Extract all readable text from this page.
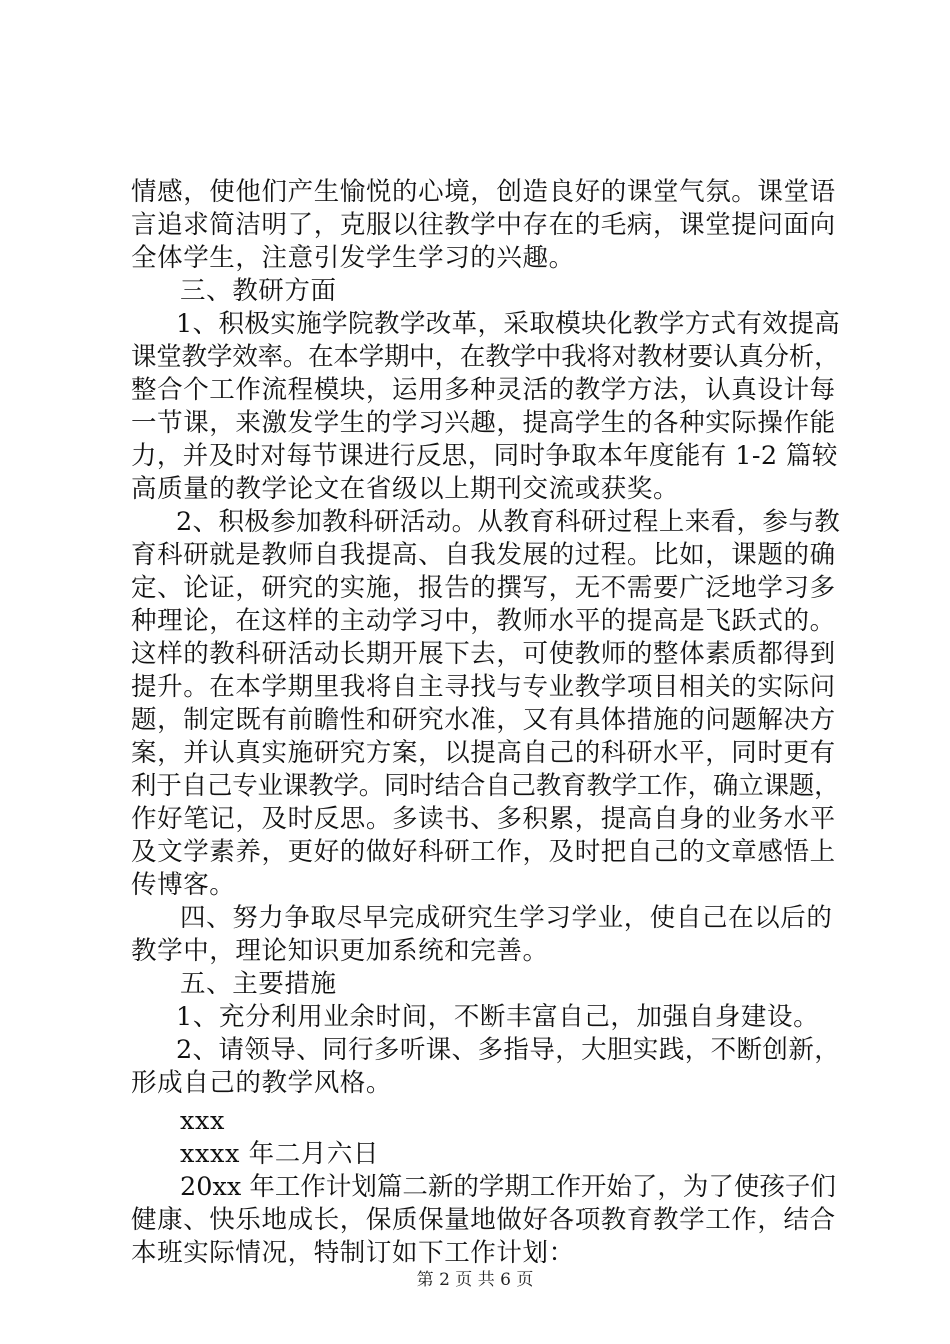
情感，使他们产生愉悦的心境，创造良好的课堂气氛。课堂语
言追求简洁明了，克服以往教学中存在的毛病，课堂提问面向
全体学生，注意引发学生学习的兴趣。
三、教研方面
1、积极实施学院教学改革，采取模块化教学方式有效提高
课堂教学效率。在本学期中，在教学中我将对教材要认真分析，
整合个工作流程模块，运用多种灵活的教学方法，认真设计每
一节课，来激发学生的学习兴趣，提高学生的各种实际操作能
力，并及时对每节课进行反思，同时争取本年度能有 1-2 篇较
高质量的教学论文在省级以上期刊交流或获奖。
2、积极参加教科研活动。从教育科研过程上来看，参与教
育科研就是教师自我提高、自我发展的过程。比如，课题的确
定、论证，研究的实施，报告的撰写，无不需要广泛地学习多
种理论，在这样的主动学习中，教师水平的提高是飞跃式的。
这样的教科研活动长期开展下去，可使教师的整体素质都得到
提升。在本学期里我将自主寻找与专业教学项目相关的实际问
题，制定既有前瞻性和研究水准，又有具体措施的问题解决方
案，并认真实施研究方案，以提高自己的科研水平，同时更有
利于自己专业课教学。同时结合自己教育教学工作，确立课题，
作好笔记，及时反思。多读书、多积累，提高自身的业务水平
及文学素养，更好的做好科研工作，及时把自己的文章感悟上
传博客。
四、努力争取尽早完成研究生学习学业，使自己在以后的
教学中，理论知识更加系统和完善。
五、主要措施
1、充分利用业余时间，不断丰富自己，加强自身建设。
2、请领导、同行多听课、多指导，大胆实践，不断创新，
形成自己的教学风格。
xxx
xxxx 年二月六日
20xx 年工作计划篇二新的学期工作开始了，为了使孩子们
健康、快乐地成长，保质保量地做好各项教育教学工作，结合
本班实际情况，特制订如下工作计划：
第 2 页 共 6 页
